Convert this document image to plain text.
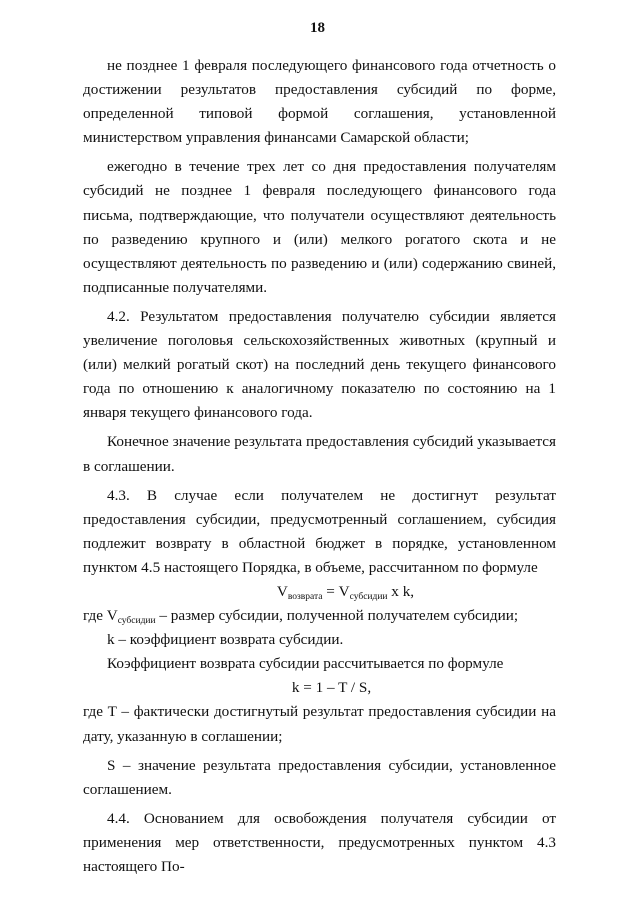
18

не позднее 1 февраля последующего финансового года отчетность о достижении результатов предоставления субсидий по форме, определенной типовой формой соглашения, установленной министерством управления финансами Самарской области;

ежегодно в течение трех лет со дня предоставления получателям субсидий не позднее 1 февраля последующего финансового года письма, подтверждающие, что получатели осуществляют деятельность по разведению крупного и (или) мелкого рогатого скота и не осуществляют деятельность по разведению и (или) содержанию свиней, подписанные получателями.

4.2. Результатом предоставления получателю субсидии является увеличение поголовья сельскохозяйственных животных (крупный и (или) мелкий рогатый скот) на последний день текущего финансового года по отношению к аналогичному показателю по состоянию на 1 января текущего финансового года.

Конечное значение результата предоставления субсидий указывается в соглашении.

4.3. В случае если получателем не достигнут результат предоставления субсидии, предусмотренный соглашением, субсидия подлежит возврату в областной бюджет в порядке, установленном пунктом 4.5 настоящего Порядка, в объеме, рассчитанном по формуле

$V_{возврата} = V_{субсидии}$ x k,

где $V_{субсидии}$ – размер субсидии, полученной получателем субсидии;

k – коэффициент возврата субсидии.

Коэффициент возврата субсидии рассчитывается по формуле

k = 1 – T / S,

где T – фактически достигнутый результат предоставления субсидии на дату, указанную в соглашении;

S – значение результата предоставления субсидии, установленное соглашением.

4.4. Основанием для освобождения получателя субсидии от применения мер ответственности, предусмотренных пунктом 4.3 настоящего По-
